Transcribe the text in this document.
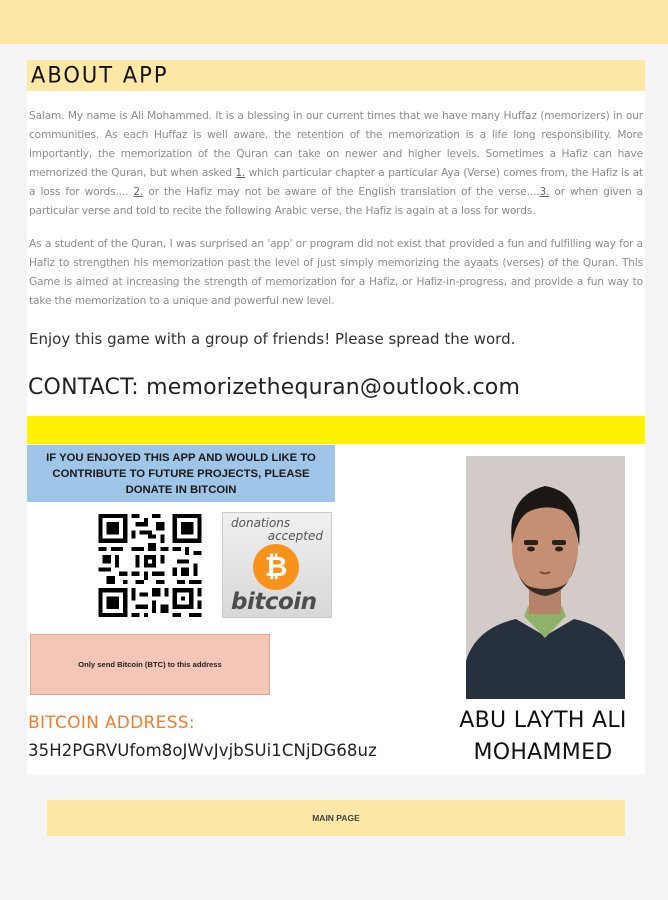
ABOUT APP

Salam. My name is Ali Mohammed. It is a blessing in our current times that we have many Huffaz (memorizers) in our communities. As each Huffaz is well aware, the retention of the memorization is a life long responsibility. More importantly, the memorization of the Quran can take on newer and higher levels. Sometimes a Hafiz can have memorized the Quran, but when asked 1. which particular chapter a particular Aya (Verse) comes from, the Hafiz is at a loss for words.... 2. or the Hafiz may not be aware of the English translation of the verse....3. or when given a particular verse and told to recite the following Arabic verse, the Hafiz is again at a loss for words.

As a student of the Quran, I was surprised an 'app' or program did not exist that provided a fun and fulfilling way for a Hafiz to strengthen his memorization past the level of just simply memorizing the ayaats (verses) of the Quran. This Game is aimed at increasing the strength of memorization for a Hafiz, or Hafiz-in-progress, and provide a fun way to take the memorization to a unique and powerful new level.

Enjoy this game with a group of friends! Please spread the word.
CONTACT: memorizethequran@outlook.com
IF YOU ENJOYED THIS APP AND WOULD LIKE TO CONTRIBUTE TO FUTURE PROJECTS, PLEASE DONATE IN BITCOIN
donations
accepted
₿
bitcoin
Only send Bitcoin (BTC) to this address
BITCOIN ADDRESS:
35H2PGRVUfom8oJWvJvjbSUi1CNjDG68uz
ABU LAYTH ALI MOHAMMED
MAIN PAGE
